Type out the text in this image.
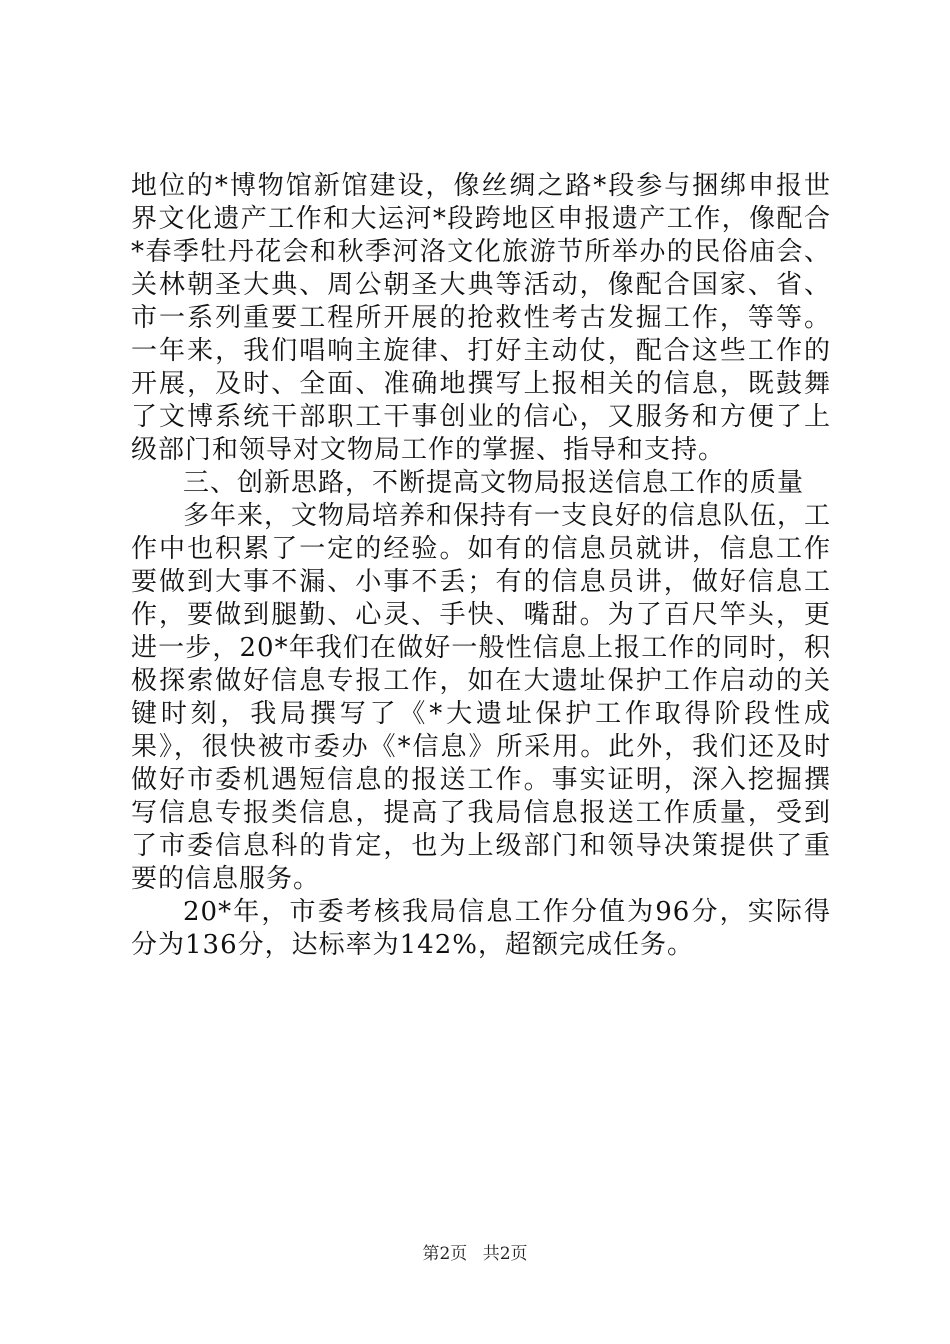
地位的*博物馆新馆建设，像丝绸之路*段参与捆绑申报世界文化遗产工作和大运河*段跨地区申报遗产工作，像配合*春季牡丹花会和秋季河洛文化旅游节所举办的民俗庙会、关林朝圣大典、周公朝圣大典等活动，像配合国家、省、市一系列重要工程所开展的抢救性考古发掘工作，等等。一年来，我们唱响主旋律、打好主动仗，配合这些工作的开展，及时、全面、准确地撰写上报相关的信息，既鼓舞了文博系统干部职工干事创业的信心，又服务和方便了上级部门和领导对文物局工作的掌握、指导和支持。

三、创新思路，不断提高文物局报送信息工作的质量

多年来，文物局培养和保持有一支良好的信息队伍，工作中也积累了一定的经验。如有的信息员就讲，信息工作要做到大事不漏、小事不丢；有的信息员讲，做好信息工作，要做到腿勤、心灵、手快、嘴甜。为了百尺竿头，更进一步，20*年我们在做好一般性信息上报工作的同时，积极探索做好信息专报工作，如在大遗址保护工作启动的关键时刻，我局撰写了《*大遗址保护工作取得阶段性成果》，很快被市委办《*信息》所采用。此外，我们还及时做好市委机遇短信息的报送工作。事实证明，深入挖掘撰写信息专报类信息，提高了我局信息报送工作质量，受到了市委信息科的肯定，也为上级部门和领导决策提供了重要的信息服务。

20*年，市委考核我局信息工作分值为96分，实际得分为136分，达标率为142%，超额完成任务。

第2页 共2页
